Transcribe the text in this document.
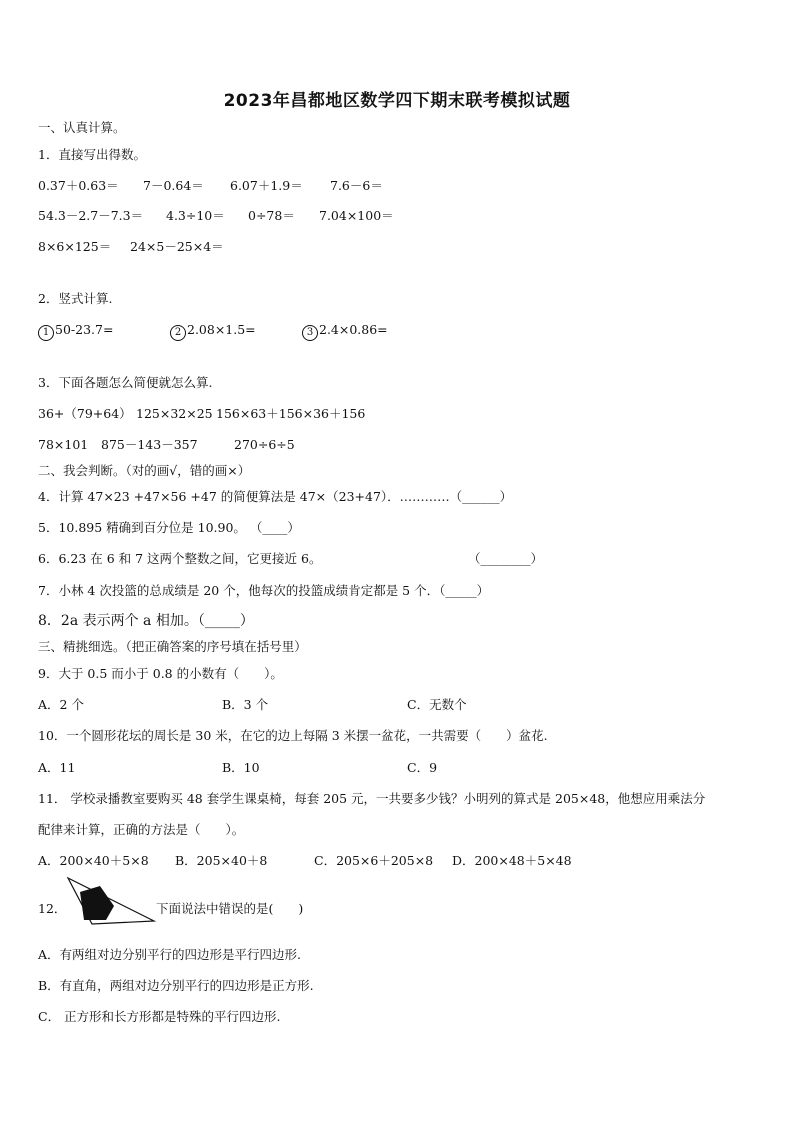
2023年昌都地区数学四下期末联考模拟试题
一、认真计算。
1．直接写出得数。
0.37＋0.63＝ 7－0.64＝ 6.07＋1.9＝ 7.6－6＝
54.3－2.7－7.3＝ 4.3÷10＝ 0÷78＝ 7.04×100＝
8×6×125＝ 24×5－25×4＝
2．竖式计算.
1 50-23.7=	2 2.08×1.5=	3 2.4×0.86=
3．下面各题怎么简便就怎么算.
36+（79+64） 125×32×25 156×63＋156×36＋156
78×101 875－143－357	270÷6÷5
二、我会判断。（对的画√，错的画×）
4．计算 47×23 +47×56 +47 的简便算法是 47×（23+47）．…………（______）
5．10.895 精确到百分位是 10.90。 （____）
6．6.23 在 6 和 7 这两个整数之间，它更接近 6。	（________）
7．小林 4 次投篮的总成绩是 20 个，他每次的投篮成绩肯定都是 5 个．（_____）
8．2a 表示两个 a 相加。（_____）
三、精挑细选。（把正确答案的序号填在括号里）
9．大于 0.5 而小于 0.8 的小数有（　　）。
A．2 个	B．3 个	C．无数个
10．一个圆形花坛的周长是 30 米，在它的边上每隔 3 米摆一盆花，一共需要（　　）盆花.
A．11	B．10	C．9
11． 学校录播教室要购买 48 套学生课桌椅，每套 205 元，一共要多少钱？小明列的算式是 205×48，他想应用乘法分
配律来计算，正确的方法是（　　）。
A．200×40＋5×8 B．205×40＋8	C．205×6＋205×8 D．200×48＋5×48
12．	下面说法中错误的是(　　)
A．有两组对边分别平行的四边形是平行四边形.
B．有直角，两组对边分别平行的四边形是正方形.
C． 正方形和长方形都是特殊的平行四边形.
